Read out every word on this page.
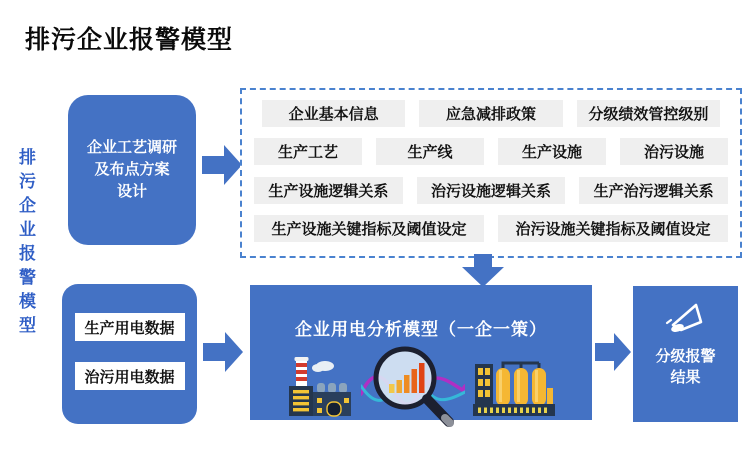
排污企业报警模型
排污企业报警模型
企业工艺调研
及布点方案
设计
企业基本信息	应急减排政策	分级绩效管控级别
生产工艺	生产线	生产设施	治污设施
生产设施逻辑关系	治污设施逻辑关系	生产治污逻辑关系
生产设施关键指标及阈值设定	治污设施关键指标及阈值设定
生产用电数据
治污用电数据
企业用电分析模型（一企一策）
分级报警
结果
